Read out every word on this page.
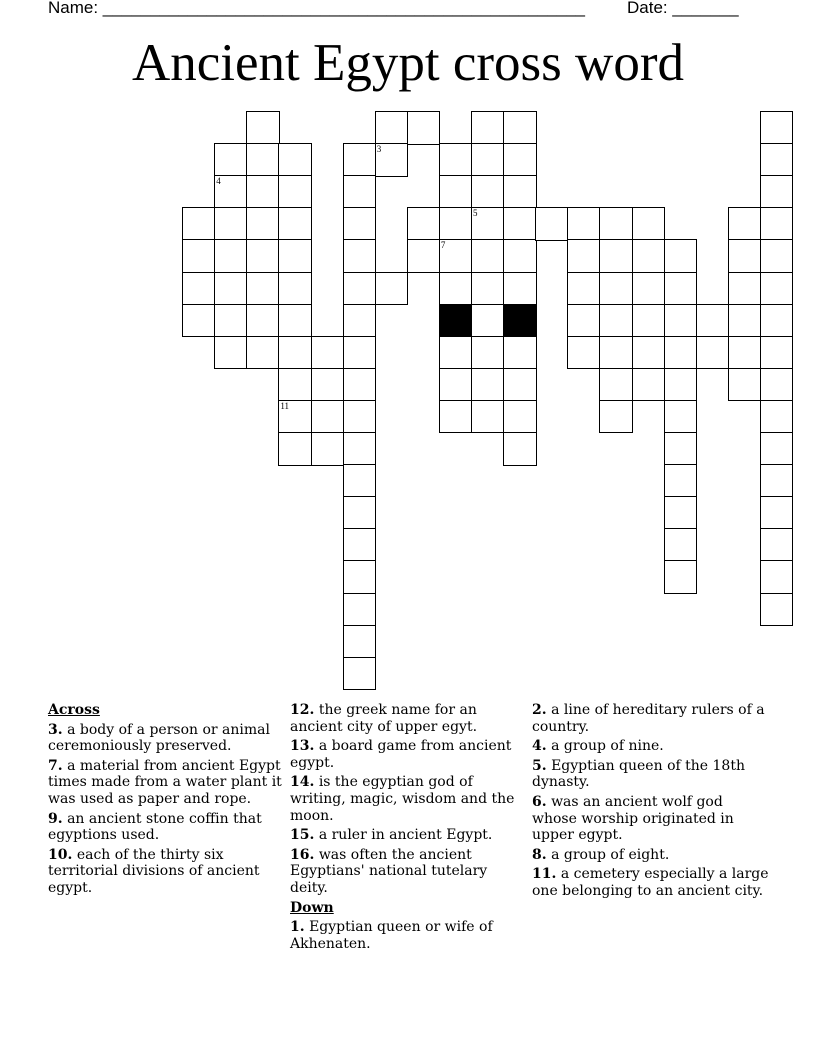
Name: ___________________________________________________ Date: _______
Ancient Egypt cross word
4
11
3
7
5
Across
3. a body of a person or animal ceremoniously preserved.
7. a material from ancient Egypt times made from a water plant it was used as paper and rope.
9. an ancient stone coffin that egyptions used.
10. each of the thirty six territorial divisions of ancient egypt.
12. the greek name for an ancient city of upper egyt.
13. a board game from ancient egypt.
14. is the egyptian god of writing, magic, wisdom and the moon.
15. a ruler in ancient Egypt.
16. was often the ancient Egyptians' national tutelary deity.
Down
1. Egyptian queen or wife of Akhenaten.
2. a line of hereditary rulers of a country.
4. a group of nine.
5. Egyptian queen of the 18th dynasty.
6. was an ancient wolf god whose worship originated in upper egypt.
8. a group of eight.
11. a cemetery especially a large one belonging to an ancient city.
